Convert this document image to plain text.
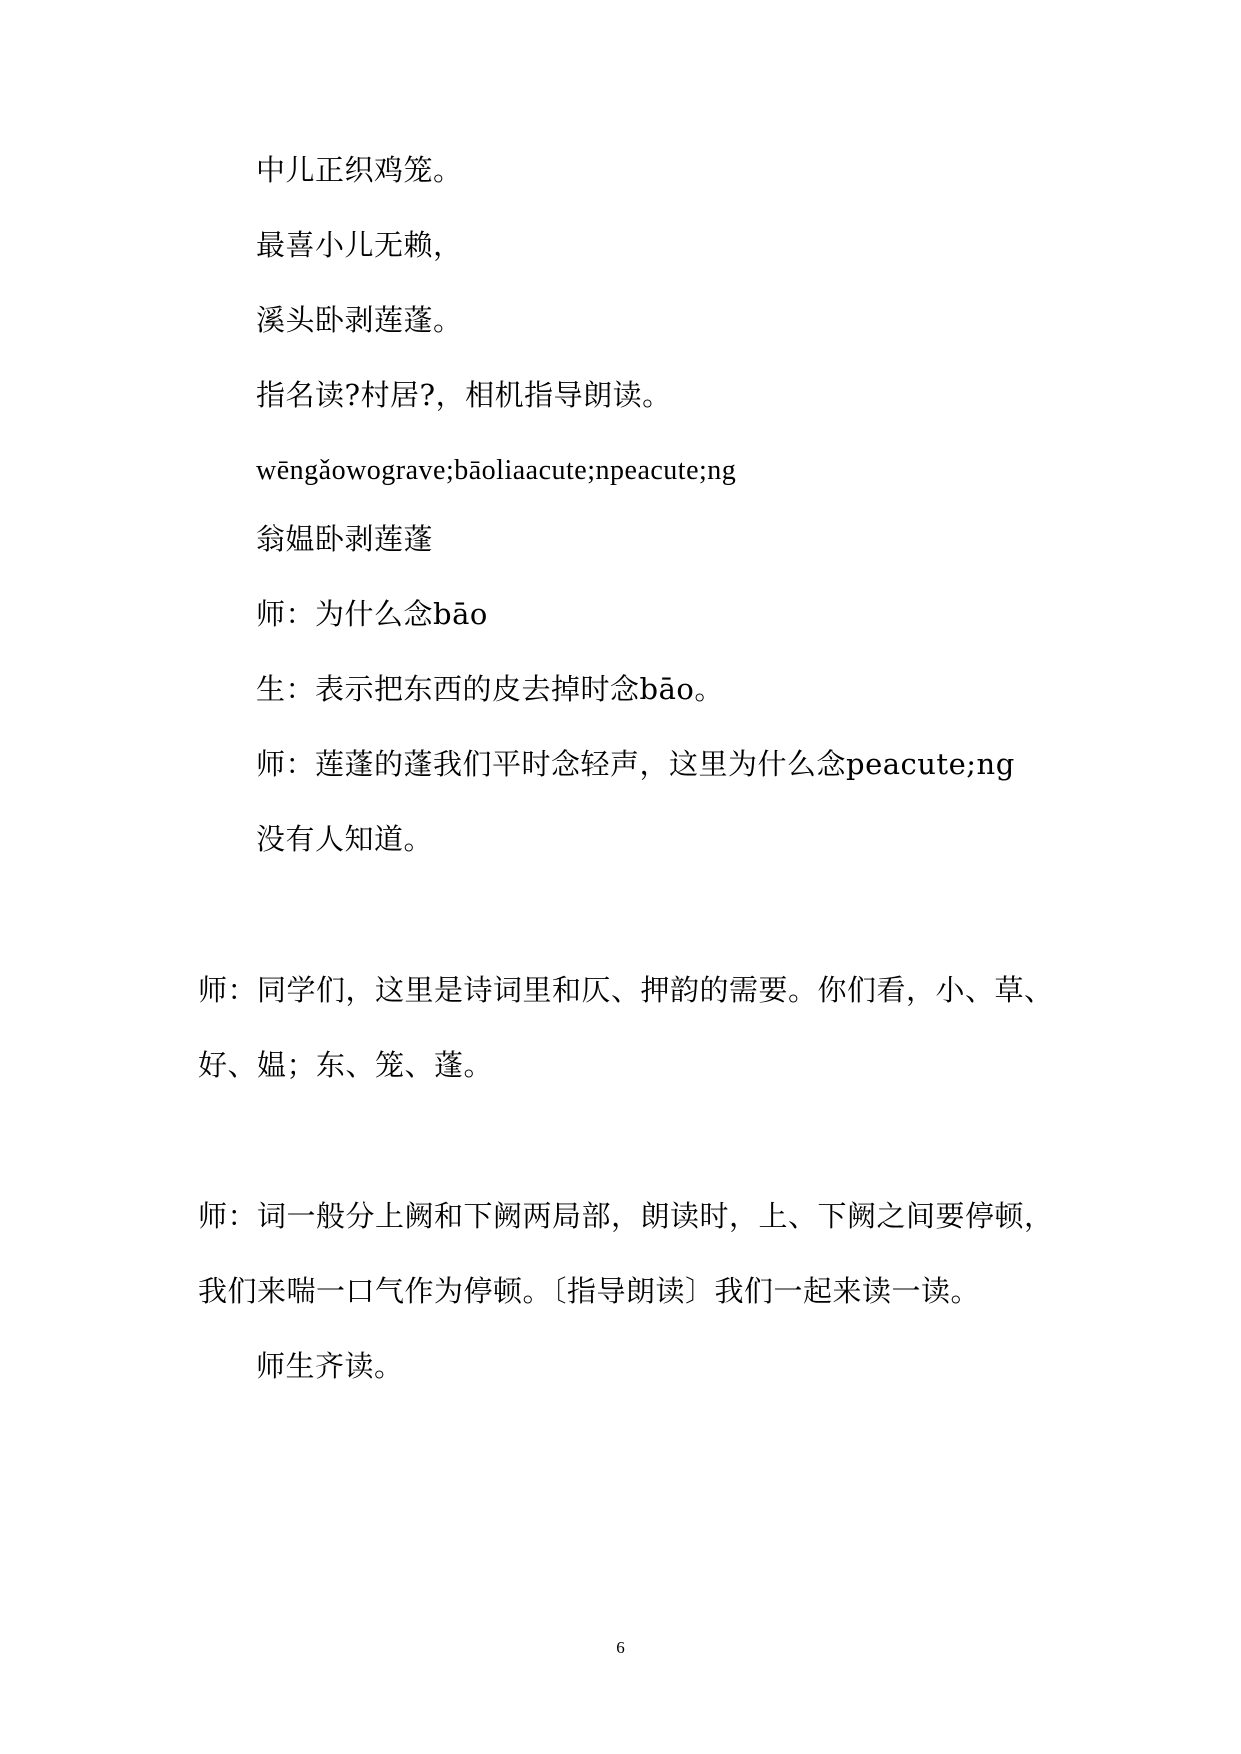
中儿正织鸡笼。
最喜小儿无赖，
溪头卧剥莲蓬。
指名读?村居?，相机指导朗读。
wēngǎowograve;bāoliaacute;npeacute;ng
翁媪卧剥莲蓬
师：为什么念bāo
生：表示把东西的皮去掉时念bāo。
师：莲蓬的蓬我们平时念轻声，这里为什么念peacute;ng
没有人知道。
师：同学们，这里是诗词里和仄、押韵的需要。你们看，小、草、
好、媪；东、笼、蓬。
师：词一般分上阙和下阙两局部，朗读时，上、下阙之间要停顿，
我们来喘一口气作为停顿。〔指导朗读〕我们一起来读一读。
师生齐读。
6
